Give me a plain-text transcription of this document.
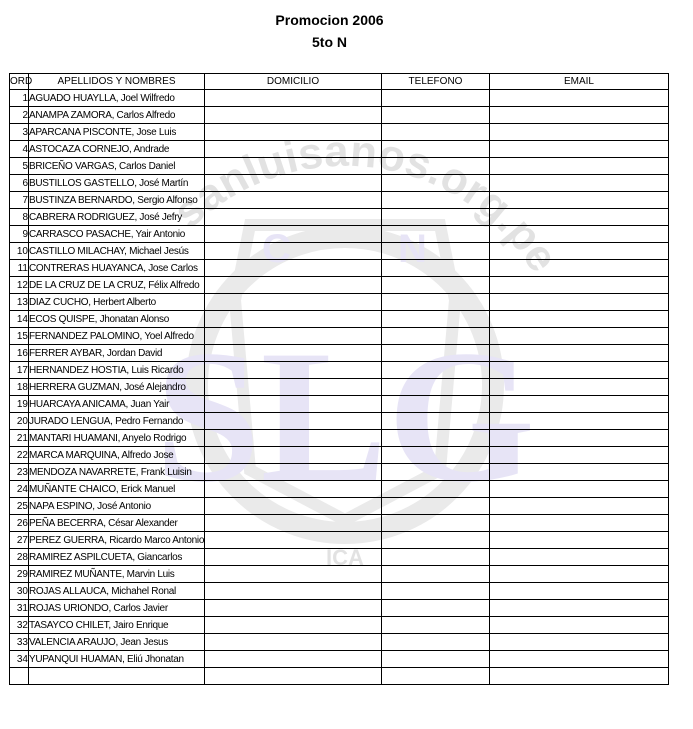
Promocion 2006
5to N
sanluisanos.org.pe
C	N
SLG
ICA
ORD	APELLIDOS Y NOMBRES	DOMICILIO	TELEFONO	EMAIL
1	AGUADO HUAYLLA, Joel Wilfredo			
2	ANAMPA ZAMORA, Carlos Alfredo			
3	APARCANA PISCONTE, Jose Luis			
4	ASTOCAZA CORNEJO, Andrade			
5	BRICEÑO VARGAS, Carlos Daniel			
6	BUSTILLOS GASTELLO, José Martín			
7	BUSTINZA BERNARDO, Sergio Alfonso			
8	CABRERA RODRIGUEZ, José Jefry			
9	CARRASCO PASACHE, Yair Antonio			
10	CASTILLO MILACHAY, Michael Jesús			
11	CONTRERAS HUAYANCA, Jose Carlos			
12	DE LA CRUZ DE LA CRUZ, Félix Alfredo			
13	DIAZ CUCHO, Herbert Alberto			
14	ECOS QUISPE, Jhonatan Alonso			
15	FERNANDEZ PALOMINO, Yoel Alfredo			
16	FERRER AYBAR, Jordan David			
17	HERNANDEZ HOSTIA, Luis Ricardo			
18	HERRERA GUZMAN, José Alejandro			
19	HUARCAYA ANICAMA, Juan Yair			
20	JURADO LENGUA, Pedro Fernando			
21	MANTARI HUAMANI, Anyelo Rodrigo			
22	MARCA MARQUINA, Alfredo Jose			
23	MENDOZA NAVARRETE, Frank Luisin			
24	MUÑANTE CHAICO, Erick Manuel			
25	NAPA ESPINO, José Antonio			
26	PEÑA BECERRA, César Alexander			
27	PEREZ GUERRA, Ricardo Marco Antonio			
28	RAMIREZ ASPILCUETA, Giancarlos			
29	RAMIREZ MUÑANTE, Marvin Luis			
30	ROJAS ALLAUCA, Michahel Ronal			
31	ROJAS URIONDO, Carlos Javier			
32	TASAYCO CHILET, Jairo Enrique			
33	VALENCIA ARAUJO, Jean Jesus			
34	YUPANQUI HUAMAN, Eliú Jhonatan			
